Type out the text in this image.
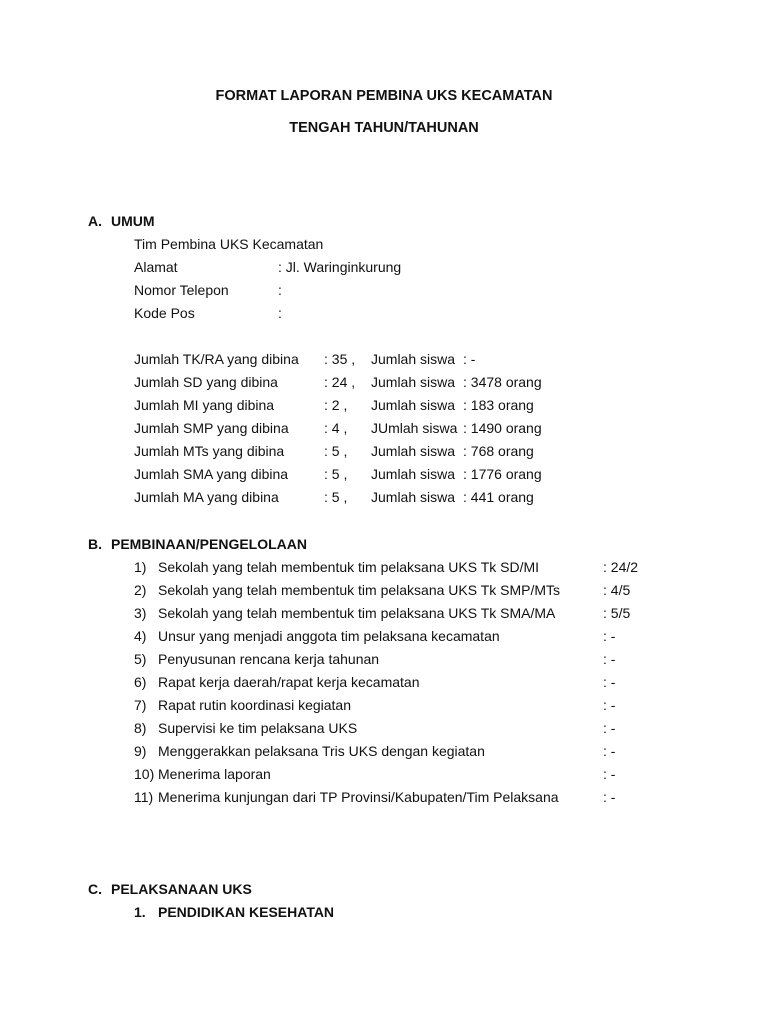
FORMAT LAPORAN PEMBINA UKS KECAMATAN
TENGAH TAHUN/TAHUNAN
A. UMUM
Tim Pembina UKS Kecamatan
Alamat	: Jl. Waringinkurung
Nomor Telepon	:
Kode Pos	:
Jumlah TK/RA yang dibina : 35 , Jumlah siswa : -
Jumlah SD yang dibina	: 24 , Jumlah siswa : 3478 orang
Jumlah MI yang dibina	: 2 , Jumlah siswa : 183 orang
Jumlah SMP yang dibina	: 4 , JUmlah siswa : 1490 orang
Jumlah MTs yang dibina	: 5 , Jumlah siswa : 768 orang
Jumlah SMA yang dibina	: 5 , Jumlah siswa : 1776 orang
Jumlah MA yang dibina	: 5 , Jumlah siswa : 441 orang
B. PEMBINAAN/PENGELOLAAN
1) Sekolah yang telah membentuk tim pelaksana UKS Tk SD/MI	: 24/2
2) Sekolah yang telah membentuk tim pelaksana UKS Tk SMP/MTs	: 4/5
3) Sekolah yang telah membentuk tim pelaksana UKS Tk SMA/MA	: 5/5
4) Unsur yang menjadi anggota tim pelaksana kecamatan	: -
5) Penyusunan rencana kerja tahunan	: -
6) Rapat kerja daerah/rapat kerja kecamatan	: -
7) Rapat rutin koordinasi kegiatan	: -
8) Supervisi ke tim pelaksana UKS	: -
9) Menggerakkan pelaksana Tris UKS dengan kegiatan	: -
10) Menerima laporan	: -
11) Menerima kunjungan dari TP Provinsi/Kabupaten/Tim Pelaksana	: -
C. PELAKSANAAN UKS
1. PENDIDIKAN KESEHATAN
